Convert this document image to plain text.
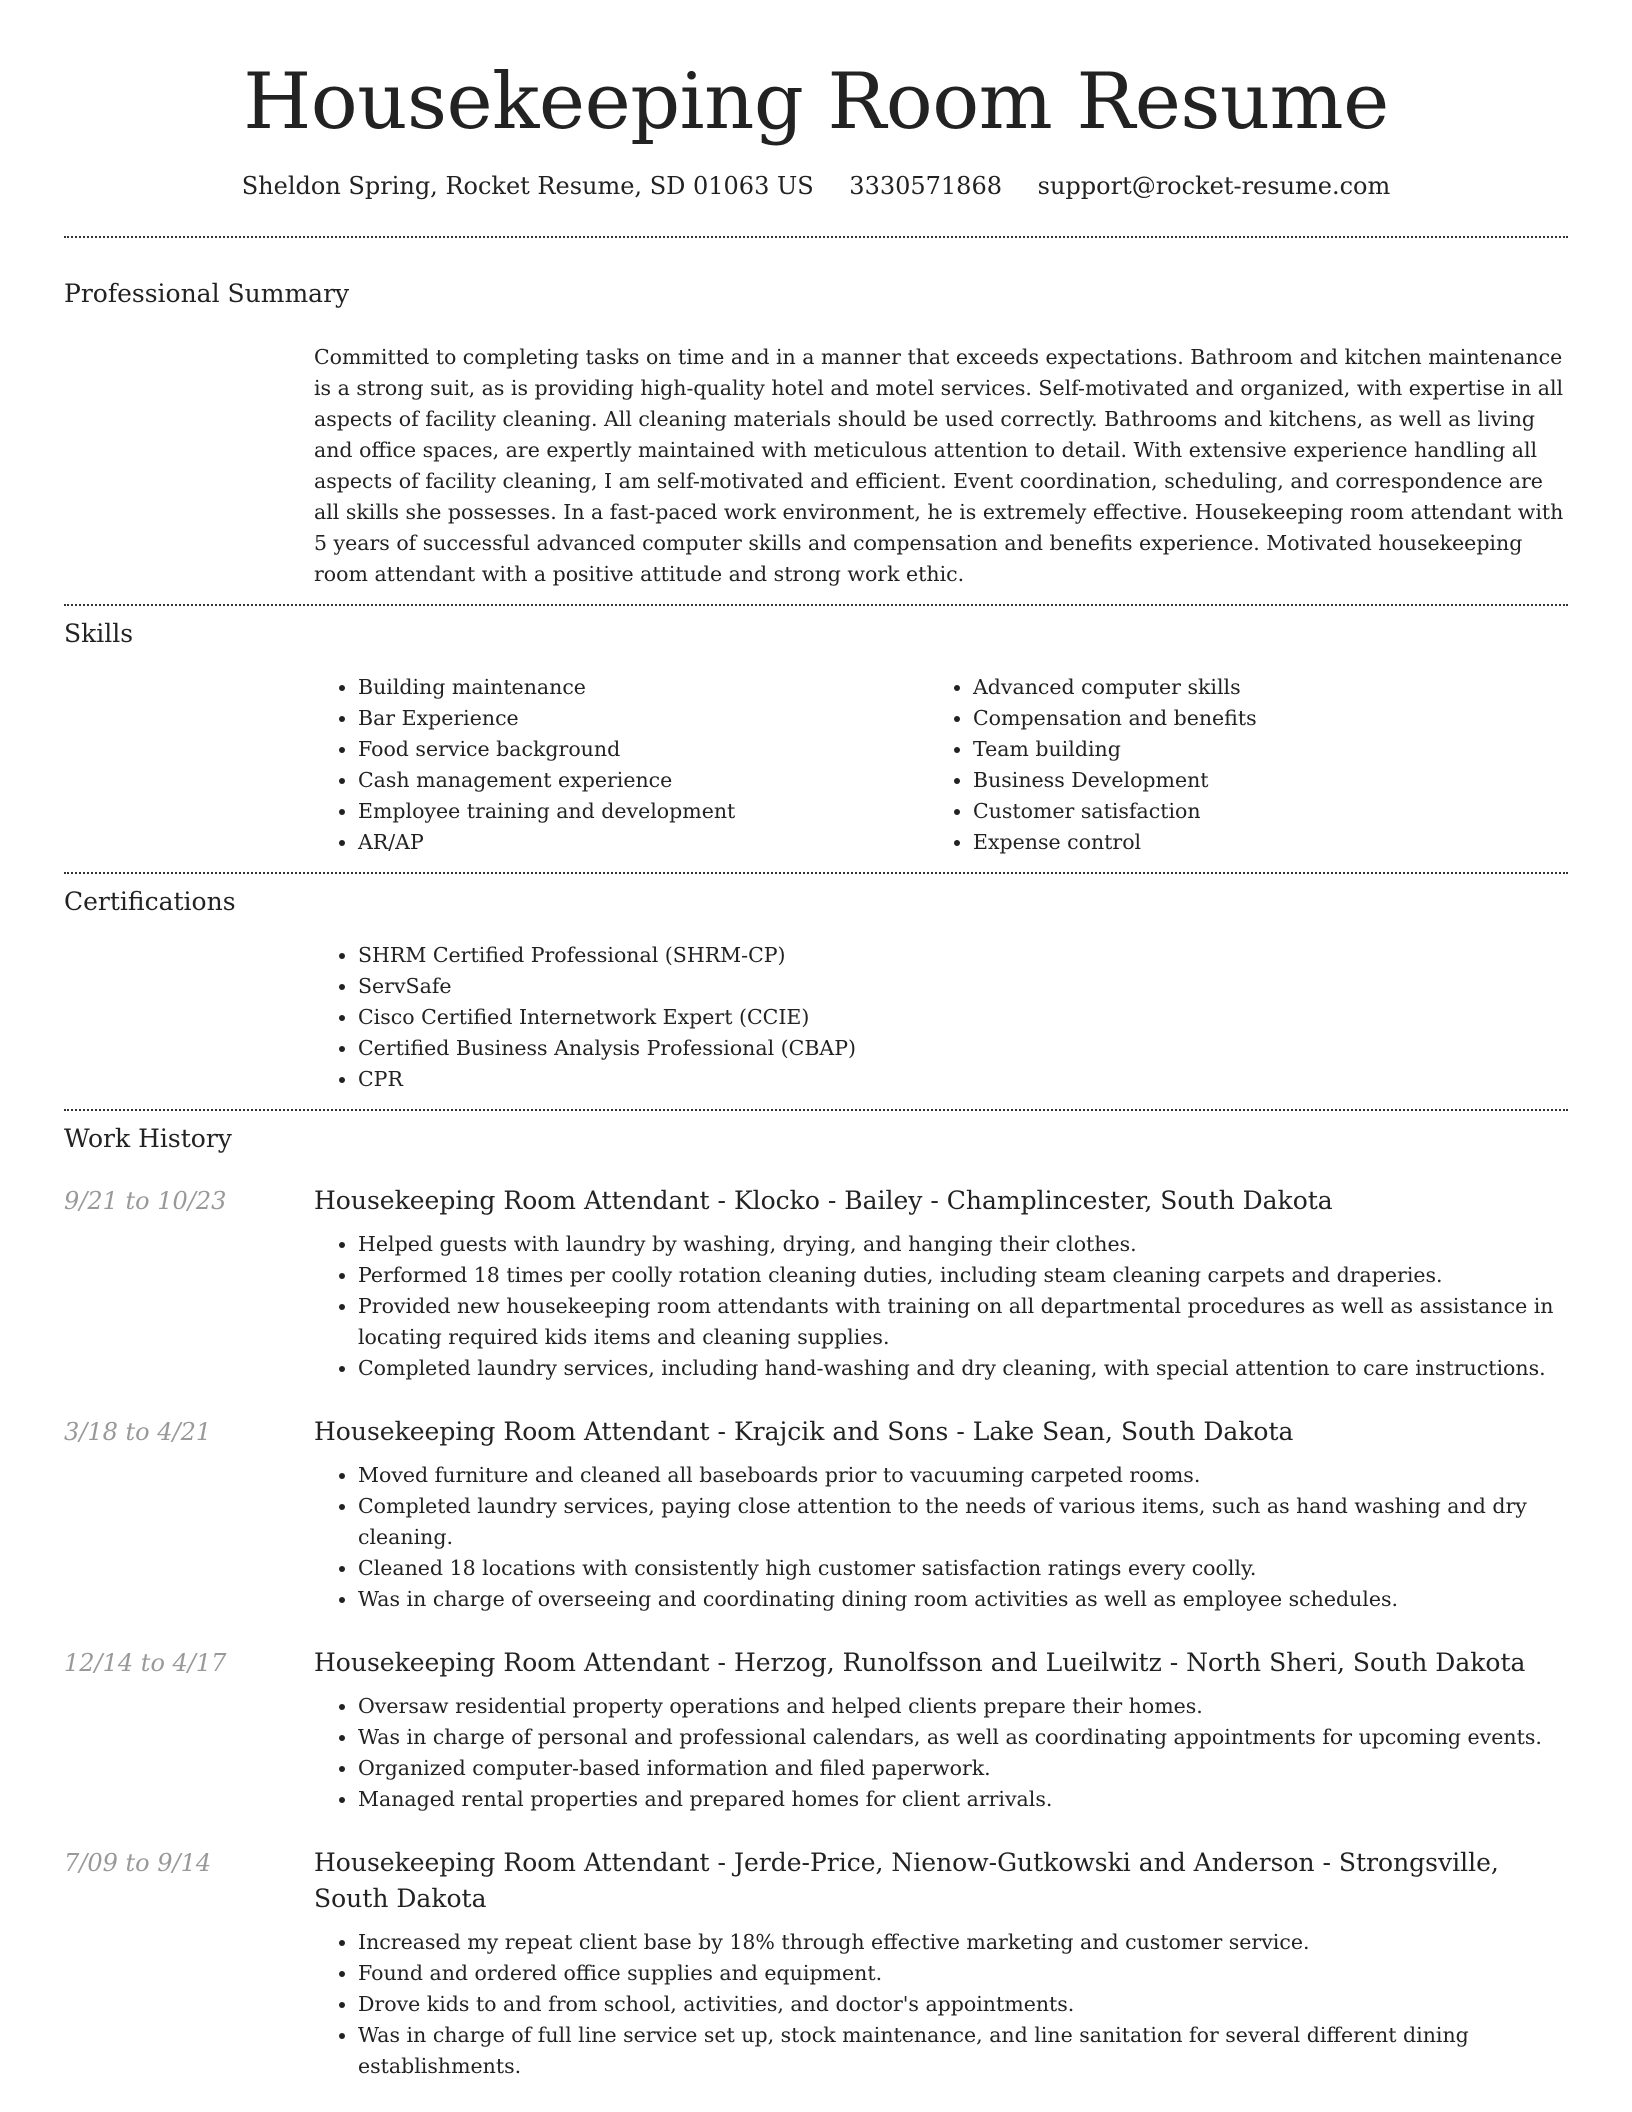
Housekeeping Room Resume
Sheldon Spring, Rocket Resume, SD 01063 US 3330571868 support@rocket-resume.com
Professional Summary

Committed to completing tasks on time and in a manner that exceeds expectations. Bathroom and kitchen maintenance is a strong suit, as is providing high-quality hotel and motel services. Self-motivated and organized, with expertise in all aspects of facility cleaning. All cleaning materials should be used correctly. Bathrooms and kitchens, as well as living and office spaces, are expertly maintained with meticulous attention to detail. With extensive experience handling all aspects of facility cleaning, I am self-motivated and efficient. Event coordination, scheduling, and correspondence are all skills she possesses. In a fast-paced work environment, he is extremely effective. Housekeeping room attendant with 5 years of successful advanced computer skills and compensation and benefits experience. Motivated housekeeping room attendant with a positive attitude and strong work ethic.

Skills
• Building maintenance
• Bar Experience
• Food service background
• Cash management experience
• Employee training and development
• AR/AP
• Advanced computer skills
• Compensation and benefits
• Team building
• Business Development
• Customer satisfaction
• Expense control
Certifications
• SHRM Certified Professional (SHRM-CP)
• ServSafe
• Cisco Certified Internetwork Expert (CCIE)
• Certified Business Analysis Professional (CBAP)
• CPR
Work History
9/21 to 10/23	Housekeeping Room Attendant - Klocko - Bailey - Champlincester, South Dakota
• Helped guests with laundry by washing, drying, and hanging their clothes.
• Performed 18 times per coolly rotation cleaning duties, including steam cleaning carpets and draperies.
• Provided new housekeeping room attendants with training on all departmental procedures as well as assistance in locating required kids items and cleaning supplies.
• Completed laundry services, including hand-washing and dry cleaning, with special attention to care instructions.
3/18 to 4/21	Housekeeping Room Attendant - Krajcik and Sons - Lake Sean, South Dakota
• Moved furniture and cleaned all baseboards prior to vacuuming carpeted rooms.
• Completed laundry services, paying close attention to the needs of various items, such as hand washing and dry cleaning.
• Cleaned 18 locations with consistently high customer satisfaction ratings every coolly.
• Was in charge of overseeing and coordinating dining room activities as well as employee schedules.
12/14 to 4/17	Housekeeping Room Attendant - Herzog, Runolfsson and Lueilwitz - North Sheri, South Dakota
• Oversaw residential property operations and helped clients prepare their homes.
• Was in charge of personal and professional calendars, as well as coordinating appointments for upcoming events.
• Organized computer-based information and filed paperwork.
• Managed rental properties and prepared homes for client arrivals.
7/09 to 9/14	Housekeeping Room Attendant - Jerde-Price, Nienow-Gutkowski and Anderson - Strongsville, South Dakota
• Increased my repeat client base by 18% through effective marketing and customer service.
• Found and ordered office supplies and equipment.
• Drove kids to and from school, activities, and doctor's appointments.
• Was in charge of full line service set up, stock maintenance, and line sanitation for several different dining establishments.
